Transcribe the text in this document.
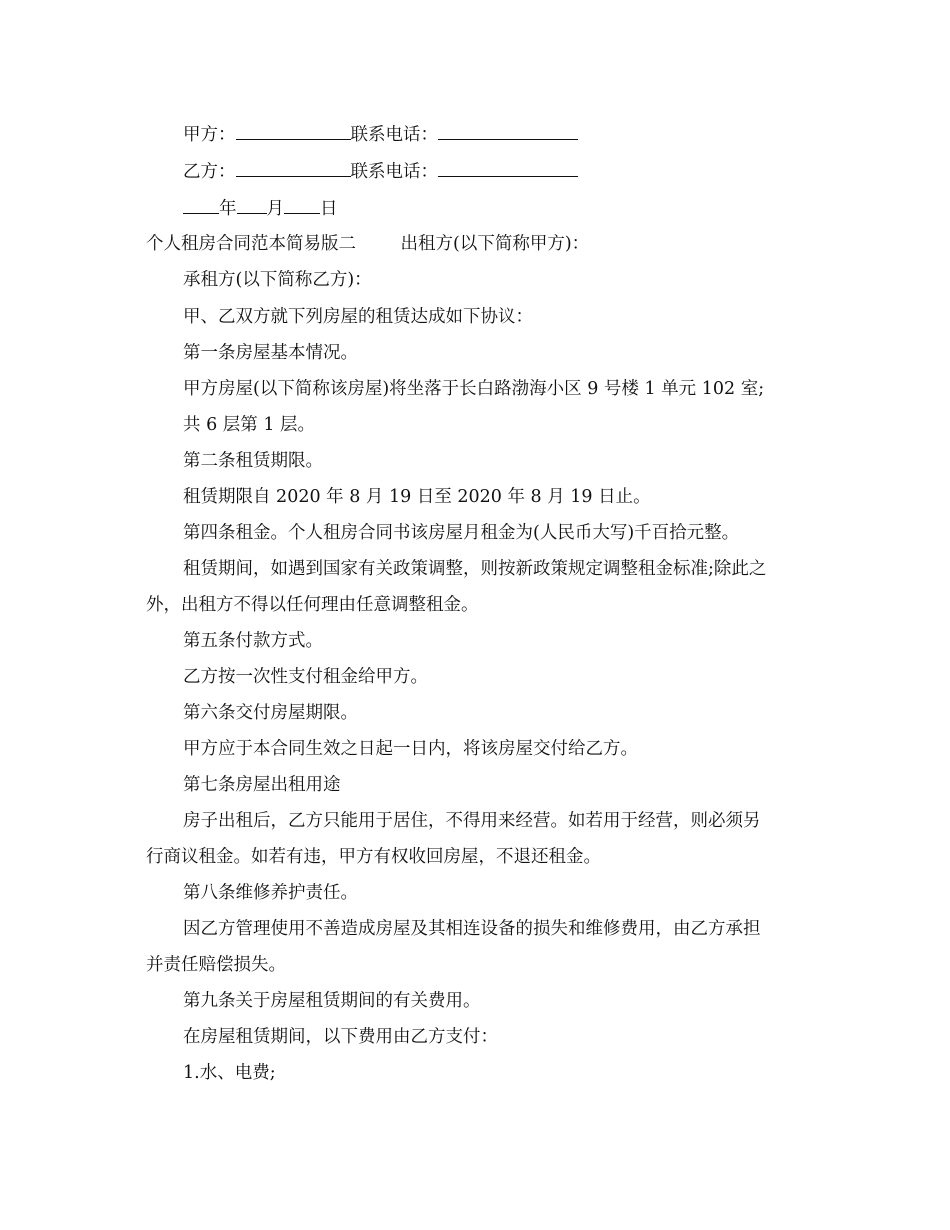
甲方：	联系电话：
乙方：	联系电话：
年 月 日
个人租房合同范本简易版二        出租方(以下简称甲方)：
承租方(以下简称乙方)：
甲、乙双方就下列房屋的租赁达成如下协议：
第一条房屋基本情况。
甲方房屋(以下简称该房屋)将坐落于长白路渤海小区 9 号楼 1 单元 102 室;
共 6 层第 1 层。
第二条租赁期限。
租赁期限自 2020 年 8 月 19 日至 2020 年 8 月 19 日止。
第四条租金。个人租房合同书该房屋月租金为(人民币大写)千百拾元整。
租赁期间，如遇到国家有关政策调整，则按新政策规定调整租金标准;除此之
外，出租方不得以任何理由任意调整租金。
第五条付款方式。
乙方按一次性支付租金给甲方。
第六条交付房屋期限。
甲方应于本合同生效之日起一日内，将该房屋交付给乙方。
第七条房屋出租用途
房子出租后，乙方只能用于居住，不得用来经营。如若用于经营，则必须另
行商议租金。如若有违，甲方有权收回房屋，不退还租金。
第八条维修养护责任。
因乙方管理使用不善造成房屋及其相连设备的损失和维修费用，由乙方承担
并责任赔偿损失。
第九条关于房屋租赁期间的有关费用。
在房屋租赁期间，以下费用由乙方支付：
1.水、电费;
